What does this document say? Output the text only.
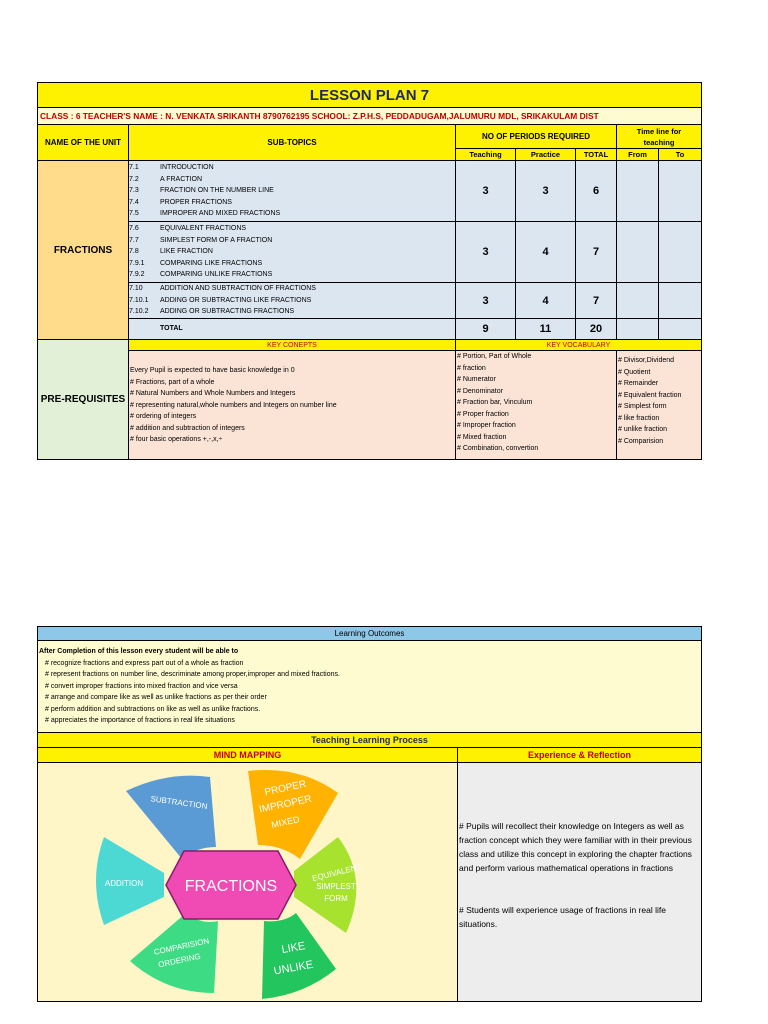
LESSON PLAN 7
CLASS : 6 TEACHER'S NAME : N. VENKATA SRIKANTH 8790762195 SCHOOL: Z.P.H.S, PEDDADUGAM,JALUMURU MDL, SRIKAKULAM DIST
NAME OF THE UNIT	SUB-TOPICS
NO OF PERIODS REQUIRED
Time line for teaching
Teaching	Practice	TOTAL	From	To
FRACTIONS
7.1	INTRODUCTION
7.2	A FRACTION
7.3	FRACTION ON THE NUMBER LINE
7.4	PROPER FRACTIONS
7.5	IMPROPER AND MIXED FRACTIONS
3	3	6
7.6	EQUIVALENT FRACTIONS
7.7	SIMPLEST FORM OF A FRACTION
7.8	LIKE FRACTION
7.9.1	COMPARING LIKE FRACTIONS
7.9.2	COMPARING UNLIKE FRACTIONS
3	4	7
7.10	ADDITION AND SUBTRACTION OF FRACTIONS
7.10.1	ADDING OR SUBTRACTING LIKE FRACTIONS
7.10.2	ADDING OR SUBTRACTING FRACTIONS
3	4	7
TOTAL	9	11	20
PRE-REQUISITES
KEY CONEPTS	KEY VOCABULARY
Every Pupil is expected to have basic knowledge in 0
# Fractions, part of a whole
# Natural Numbers and Whole Numbers and Integers
# representing natural,whole numbers and Integers on number line
# ordering of integers
# addition and subtraction of integers
# four basic operations +,-,x,÷
# Portion, Part of Whole
# fraction
# Numerator
# Denominator
# Fraction bar, Vinculum
# Proper fraction
# Improper fraction
# Mixed fraction
# Combination, convertion
# Divisor,Dividend
# Quotient
# Remainder
# Equivalent fraction
# Simplest form
# like fraction
# unlike fraction
# Comparision
Learning Outcomes
After Completion of this lesson every student will be able to
# recognize fractions and express part out of a whole as fraction
# represent fractions on number line, descriminate among proper,improper and mixed fractions.
# convert improper fractions into mixed fraction and vice versa
# arrange and compare like as well as unlike fractions as per their order
# perform addition and subtractions on like as well as unlike fractions.
# appreciates the importance of fractions in real life situations
Teaching Learning Process
MIND MAPPING	Experience & Reflection
SUBTRACTION
PROPER
IMPROPER
MIXED
ADDITION
EQUIVALENT,
SIMPLEST
FORM
COMPARISION
ORDERING
LIKE
UNLIKE
FRACTIONS
# Pupils will recollect their knowledge on Integers as well as fraction concept which they were familiar with in their previous class and utilize this concept in exploring the chapter fractions and perform various mathematical operations in fractions
# Students will experience usage of fractions in real life situations.
